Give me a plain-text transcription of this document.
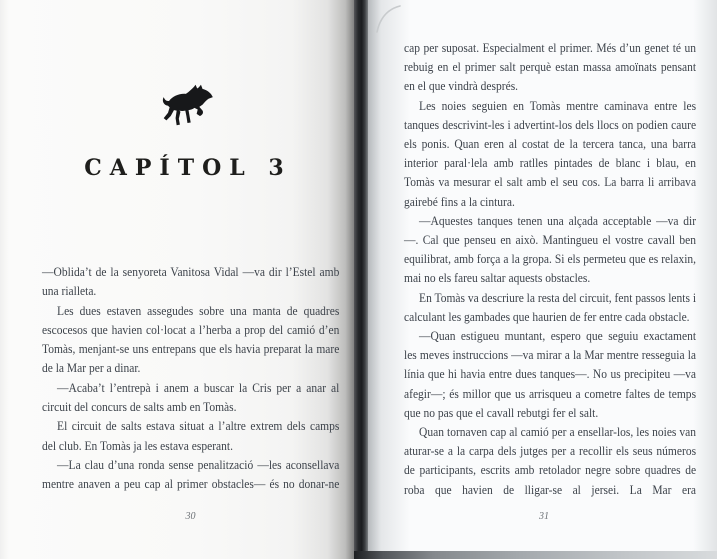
CAPÍTOL 3

—Oblida’t de la senyoreta Vanitosa Vidal —va dir l’Estel amb una rialleta.

Les dues estaven assegudes sobre una manta de quadres escocesos que havien col·locat a l’herba a prop del camió d’en Tomàs, menjant-se uns entrepans que els havia preparat la mare de la Mar per a dinar.

—Acaba’t l’entrepà i anem a buscar la Cris per a anar al circuit del concurs de salts amb en Tomàs.

El circuit de salts estava situat a l’altre extrem dels camps del club. En Tomàs ja les estava esperant.

—La clau d’una ronda sense penalització —les aconsellava mentre anaven a peu cap al primer obstacles— és no donar-ne

30

cap per suposat. Especialment el primer. Més d’un genet té un rebuig en el primer salt perquè estan massa amoïnats pensant en el que vindrà després.

Les noies seguien en Tomàs mentre caminava entre les tanques descrivint-les i advertint-los dels llocs on podien caure els ponis. Quan eren al costat de la tercera tanca, una barra interior paral·lela amb ratlles pintades de blanc i blau, en Tomàs va mesurar el salt amb el seu cos. La barra li arribava gairebé fins a la cintura.

—Aquestes tanques tenen una alçada acceptable —va dir—. Cal que penseu en això. Mantingueu el vostre cavall ben equilibrat, amb força a la gropa. Si els permeteu que es relaxin, mai no els fareu saltar aquests obstacles.

En Tomàs va descriure la resta del circuit, fent passos lents i calculant les gambades que haurien de fer entre cada obstacle.

—Quan estigueu muntant, espero que seguiu exactament les meves instruccions —va mirar a la Mar mentre resseguia la línia que hi havia entre dues tanques—. No us precipiteu —va afegir—; és millor que us arrisqueu a cometre faltes de temps que no pas que el cavall rebutgi fer el salt.

Quan tornaven cap al camió per a ensellar-los, les noies van aturar-se a la carpa dels jutges per a recollir els seus números de participants, escrits amb retolador negre sobre quadres de roba que havien de lligar-se al jersei. La Mar era

31
